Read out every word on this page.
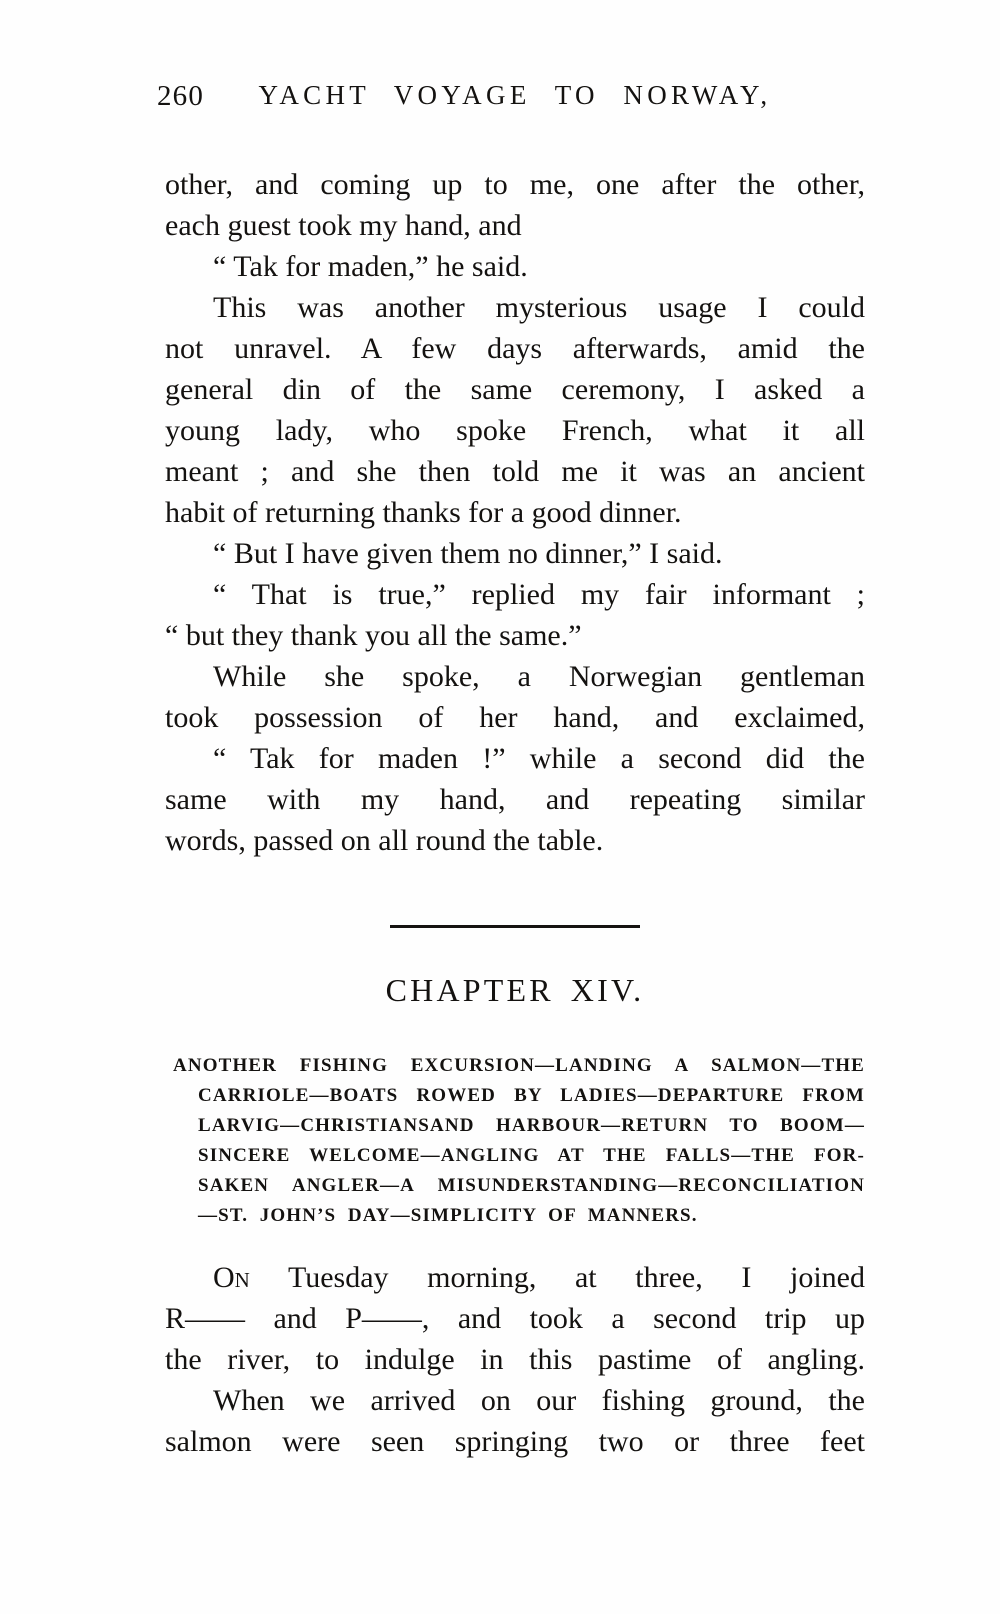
260	YACHT VOYAGE TO NORWAY,
other, and coming up to me, one after the other,
each guest took my hand, and
“ Tak for maden,” he said.
This was another mysterious usage I could
not unravel. A few days afterwards, amid the
general din of the same ceremony, I asked a
young lady, who spoke French, what it all
meant ; and she then told me it was an ancient
habit of returning thanks for a good dinner.
“ But I have given them no dinner,” I said.
“ That is true,” replied my fair informant ;
“ but they thank you all the same.”
While she spoke, a Norwegian gentleman
took possession of her hand, and exclaimed,
“ Tak for maden !” while a second did the
same with my hand, and repeating similar
words, passed on all round the table.
CHAPTER XIV.
ANOTHER FISHING EXCURSION—LANDING A SALMON—THE
CARRIOLE—BOATS ROWED BY LADIES—DEPARTURE FROM
LARVIG—CHRISTIANSAND HARBOUR—RETURN TO BOOM—
SINCERE WELCOME—ANGLING AT THE FALLS—THE FOR-
SAKEN ANGLER—A MISUNDERSTANDING—RECONCILIATION
—ST. JOHN’S DAY—SIMPLICITY OF MANNERS.
On Tuesday morning, at three, I joined
R—— and P——, and took a second trip up
the river, to indulge in this pastime of angling.
When we arrived on our fishing ground, the
salmon were seen springing two or three feet
